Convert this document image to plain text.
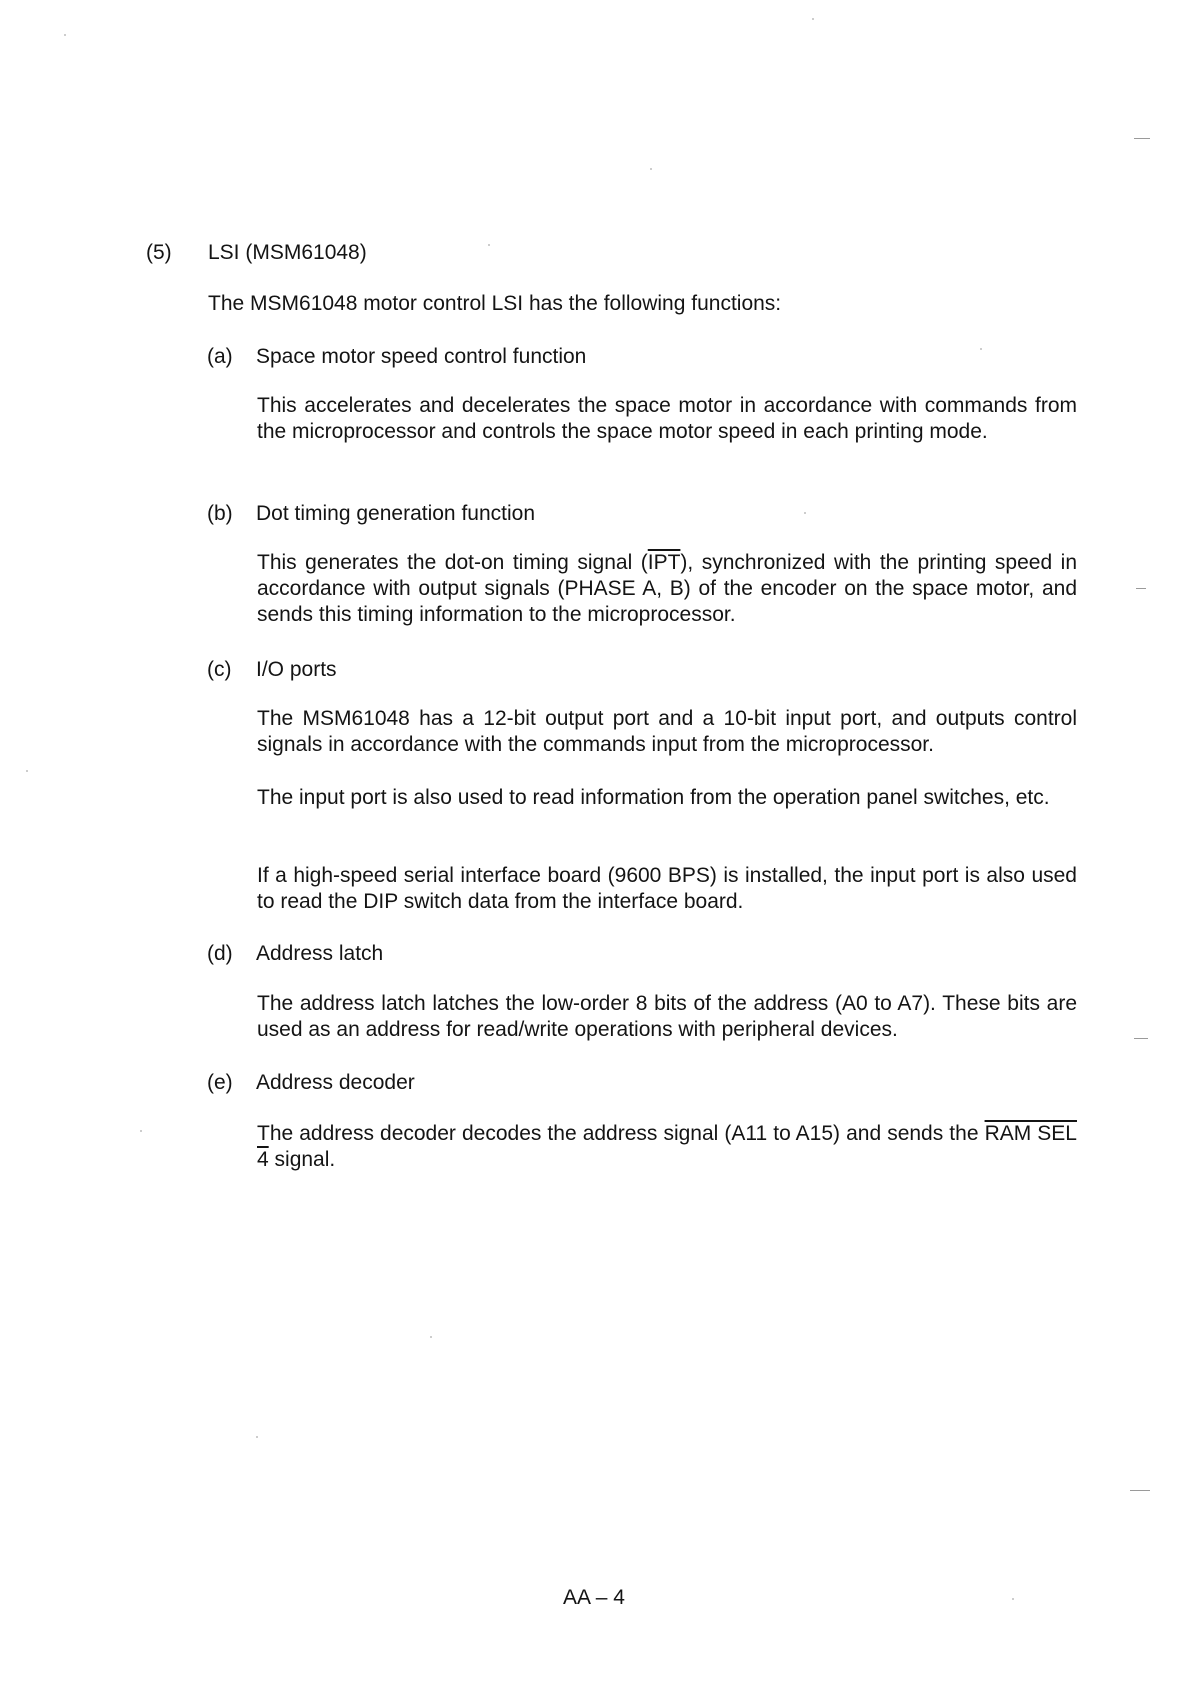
(5) LSI (MSM61048)
The MSM61048 motor control LSI has the following functions:
(a) Space motor speed control function
This accelerates and decelerates the space motor in accordance with commands from the microprocessor and controls the space motor speed in each printing mode.
(b) Dot timing generation function
This generates the dot-on timing signal $(\overline{IPT})$, synchronized with the printing speed in accordance with output signals (PHASE A, B) of the encoder on the space motor, and sends this timing information to the microprocessor.
(c) I/O ports
The MSM61048 has a 12-bit output port and a 10-bit input port, and outputs control signals in accordance with the commands input from the microprocessor.
The input port is also used to read information from the operation panel switches, etc.
If a high-speed serial interface board (9600 BPS) is installed, the input port is also used to read the DIP switch data from the interface board.
(d) Address latch
The address latch latches the low-order 8 bits of the address (A0 to A7). These bits are used as an address for read/write operations with peripheral devices.
(e) Address decoder
The address decoder decodes the address signal (A11 to A15) and sends the RAM SEL 4 signal.
AA – 4
